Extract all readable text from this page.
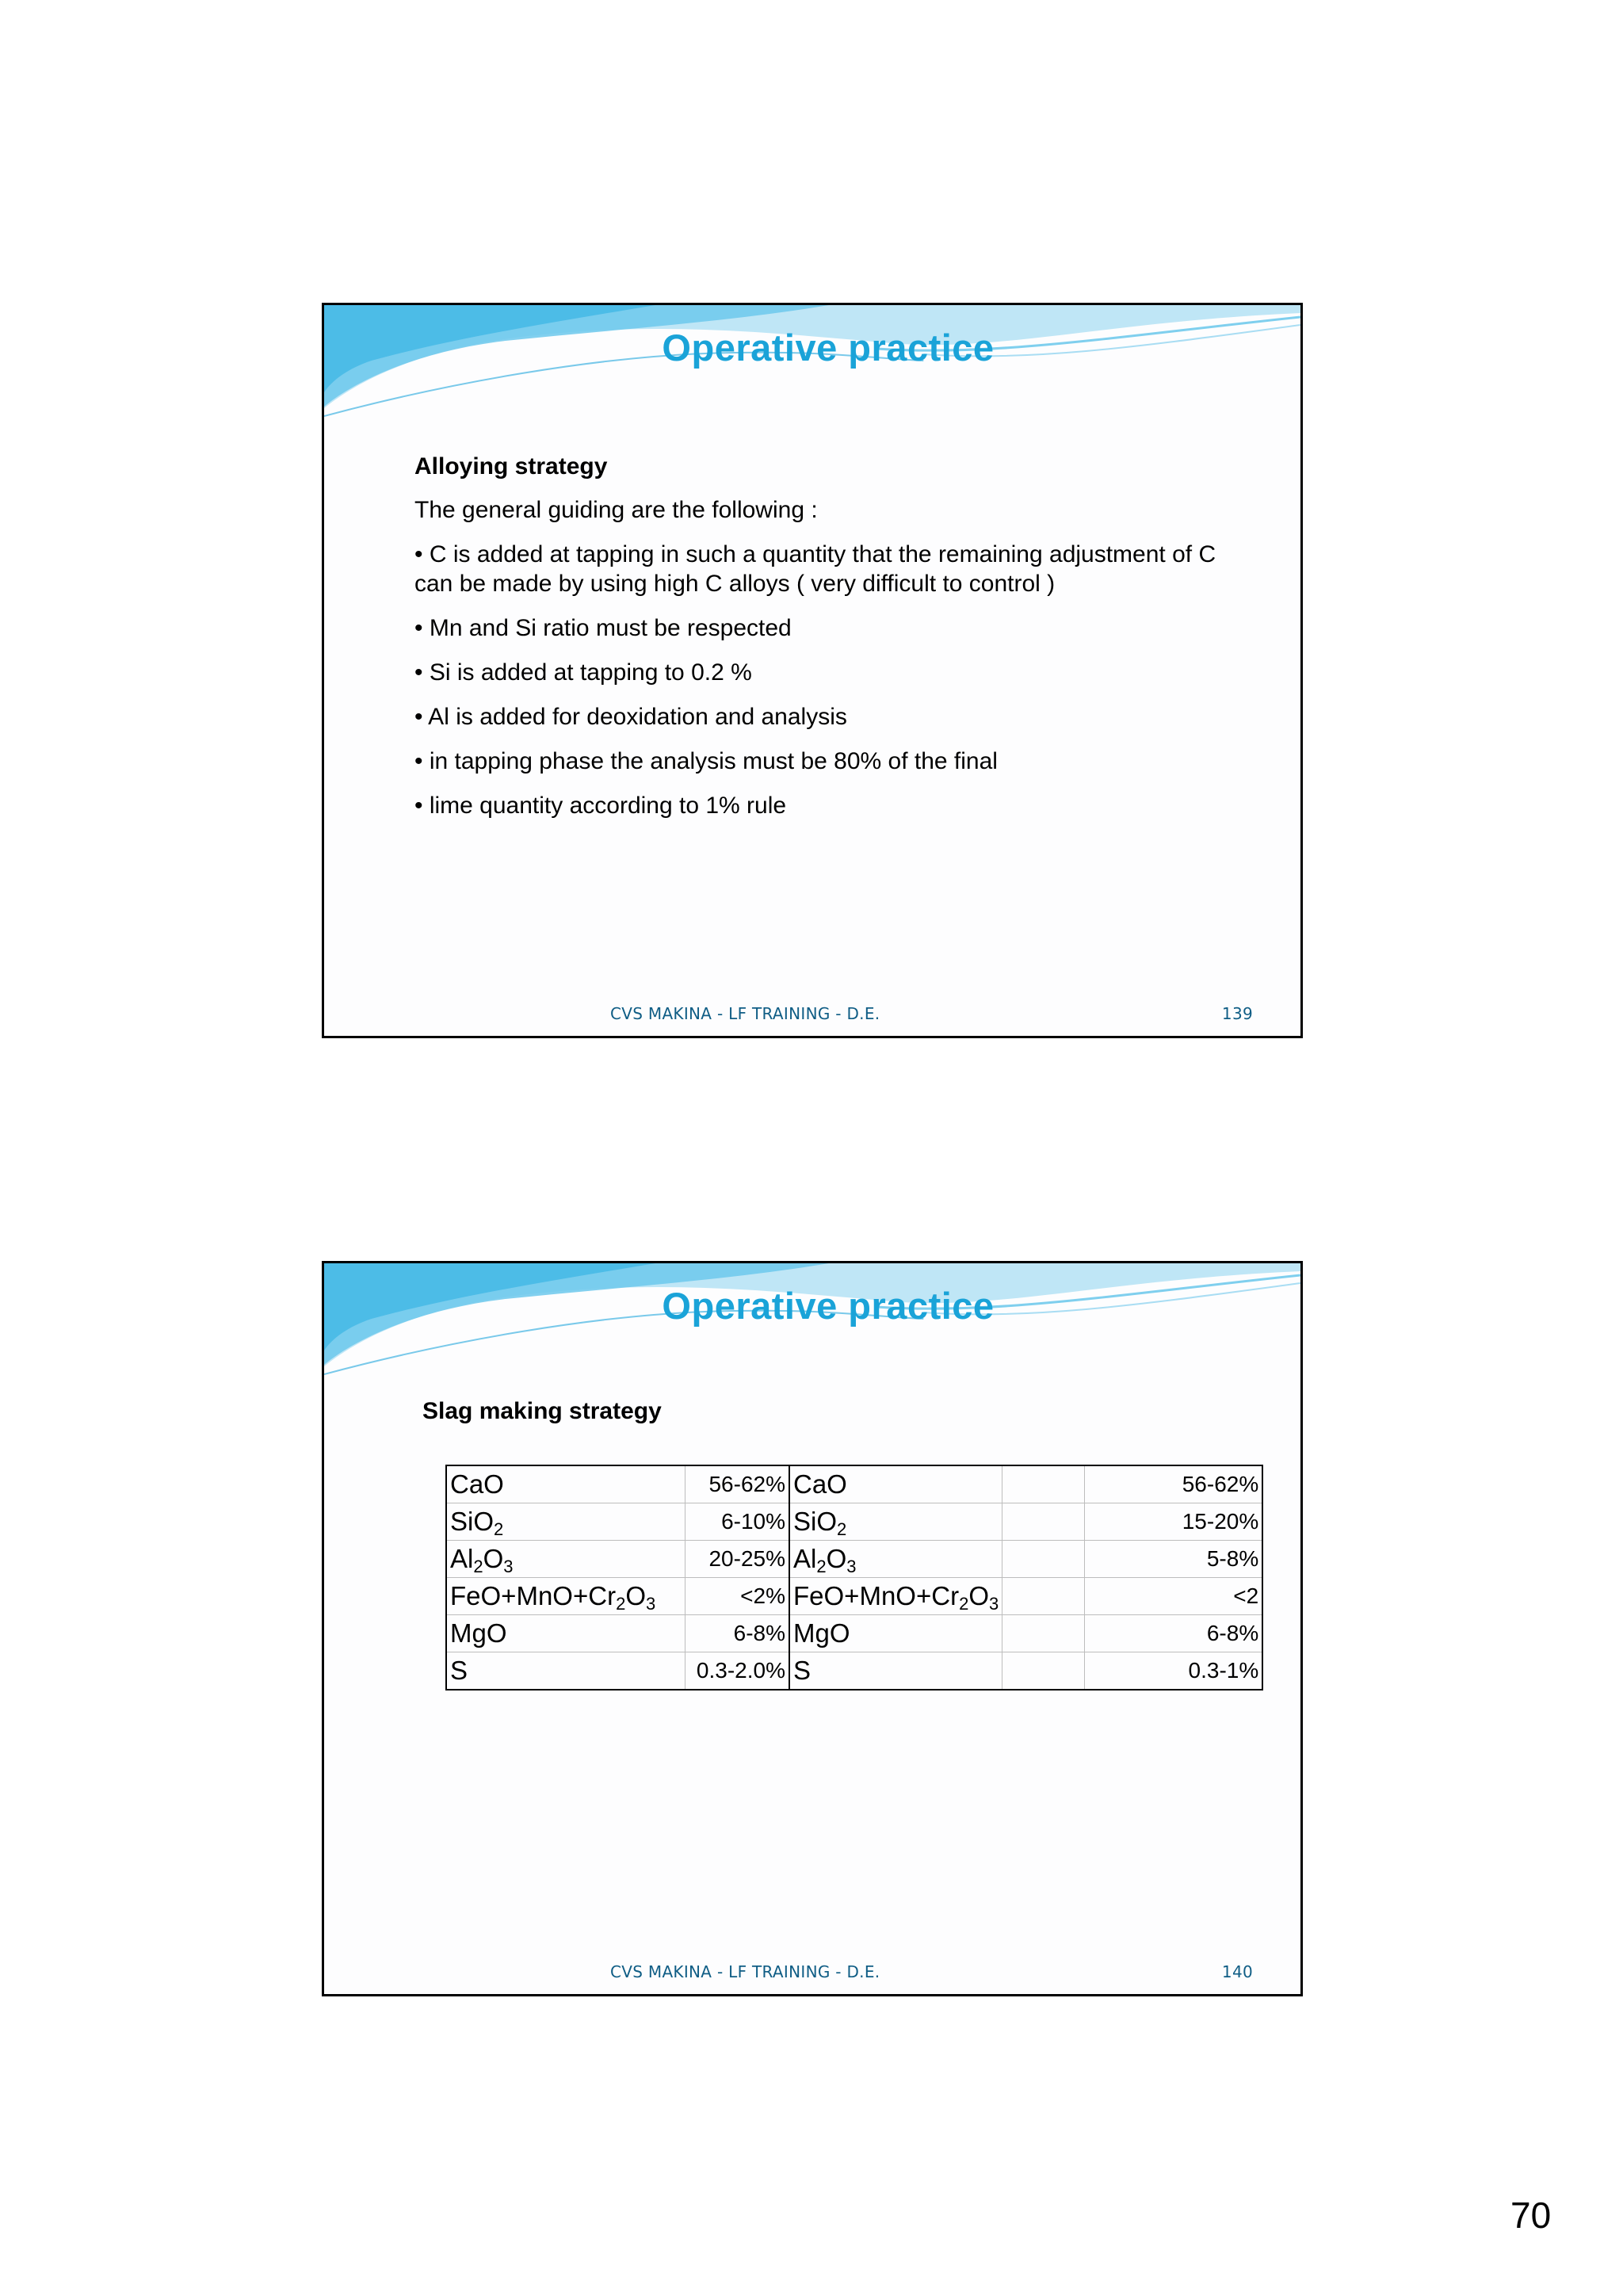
Operative practice

Alloying strategy

The general guiding are the following :

• C is added at tapping in such a quantity that the remaining adjustment of C can be made by using high C alloys ( very difficult to control )

• Mn and Si ratio must be respected

• Si is added at tapping to 0.2 %

• Al is added for deoxidation and analysis

• in tapping phase the analysis must be 80% of the final

• lime quantity according to 1% rule

CVS MAKINA - LF TRAINING - D.E.	139
Operative practice
Slag making strategy
CaO	56-62%	CaO		56-62%
SiO$_2$	6-10%	SiO$_2$		15-20%
$Al_2O_3$	20-25%	$Al_2O_3$		5-8%
$FeO+MnO+Cr_2O_3$	<2%	$FeO+MnO+Cr_2O_3$		<2
MgO	6-8%	MgO		6-8%
S	0.3-2.0%	S		0.3-1%
CVS MAKINA - LF TRAINING - D.E.	140
70
